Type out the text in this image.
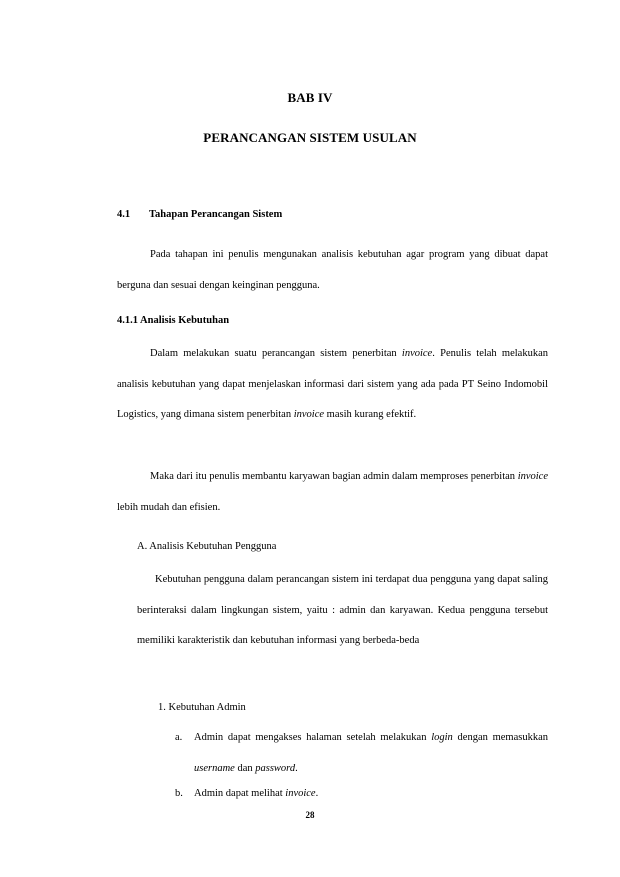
BAB IV
PERANCANGAN SISTEM USULAN
4.1 Tahapan Perancangan Sistem

Pada tahapan ini penulis mengunakan analisis kebutuhan agar program yang dibuat dapat berguna dan sesuai dengan keinginan pengguna.

4.1.1 Analisis Kebutuhan

Dalam melakukan suatu perancangan sistem penerbitan invoice. Penulis telah melakukan analisis kebutuhan yang dapat menjelaskan informasi dari sistem yang ada pada PT Seino Indomobil Logistics, yang dimana sistem penerbitan invoice masih kurang efektif.

Maka dari itu penulis membantu karyawan bagian admin dalam memproses penerbitan invoice lebih mudah dan efisien.

A. Analisis Kebutuhan Pengguna

Kebutuhan pengguna dalam perancangan sistem ini terdapat dua pengguna yang dapat saling berinteraksi dalam lingkungan sistem, yaitu : admin dan karyawan. Kedua pengguna tersebut memiliki karakteristik dan kebutuhan informasi yang berbeda-beda

1. Kebutuhan Admin
a. Admin dapat mengakses halaman setelah melakukan login dengan memasukkan username dan password.

b. Admin dapat melihat invoice.
28
